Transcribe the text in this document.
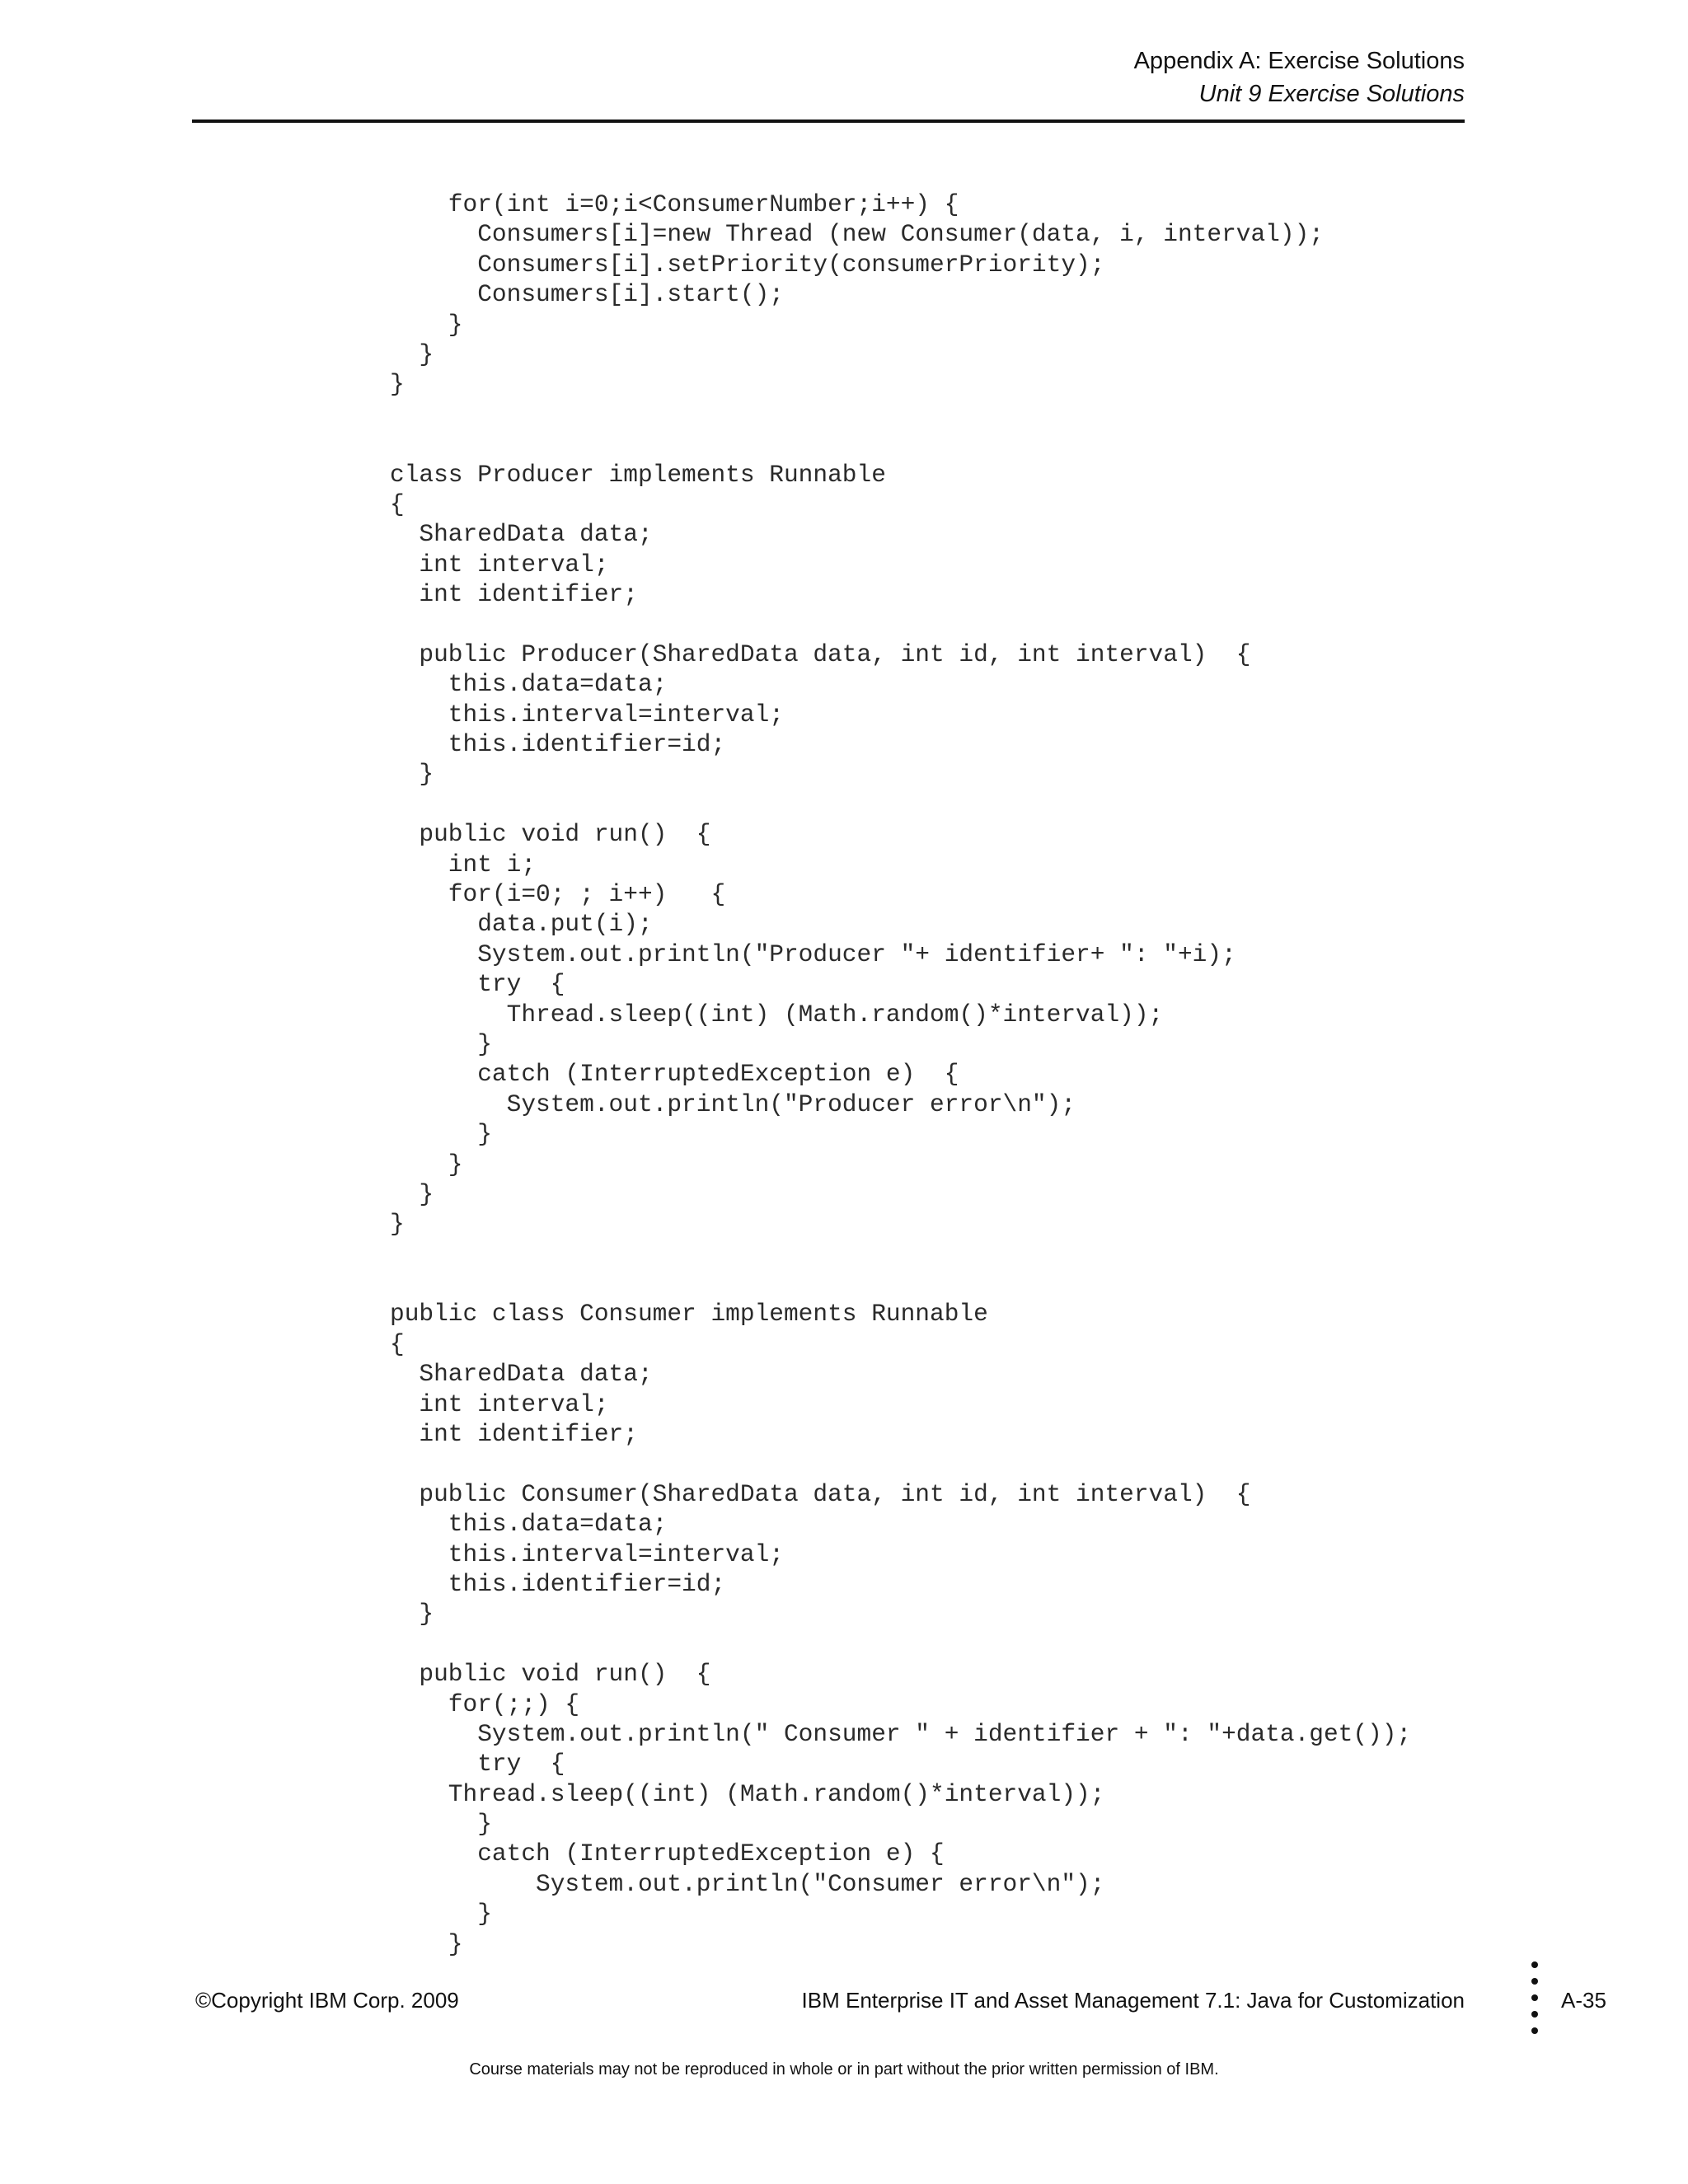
Appendix A: Exercise Solutions
Unit 9 Exercise Solutions
for(int i=0;i<ConsumerNumber;i++) {
Consumers[i]=new Thread (new Consumer(data, i, interval));
Consumers[i].setPriority(consumerPriority);
Consumers[i].start();
}
}
}
class Producer implements Runnable
{
SharedData data;
int interval;
int identifier;
public Producer(SharedData data, int id, int interval)  {
this.data=data;
this.interval=interval;
this.identifier=id;
}
public void run()  {
int i;
for(i=0; ; i++)   {
data.put(i);
System.out.println("Producer "+ identifier+ ": "+i);
try  {
Thread.sleep((int) (Math.random()*interval));
}
catch (InterruptedException e)  {
System.out.println("Producer error\n");
}
}
}
}
public class Consumer implements Runnable
{
SharedData data;
int interval;
int identifier;
public Consumer(SharedData data, int id, int interval)  {
this.data=data;
this.interval=interval;
this.identifier=id;
}
public void run()  {
for(;;) {
System.out.println(" Consumer " + identifier + ": "+data.get());
try  {
Thread.sleep((int) (Math.random()*interval));
}
catch (InterruptedException e) {
System.out.println("Consumer error\n");
}
}
©Copyright IBM Corp. 2009	IBM Enterprise IT and Asset Management 7.1: Java for Customization	A-35
Course materials may not be reproduced in whole or in part without the prior written permission of IBM.
